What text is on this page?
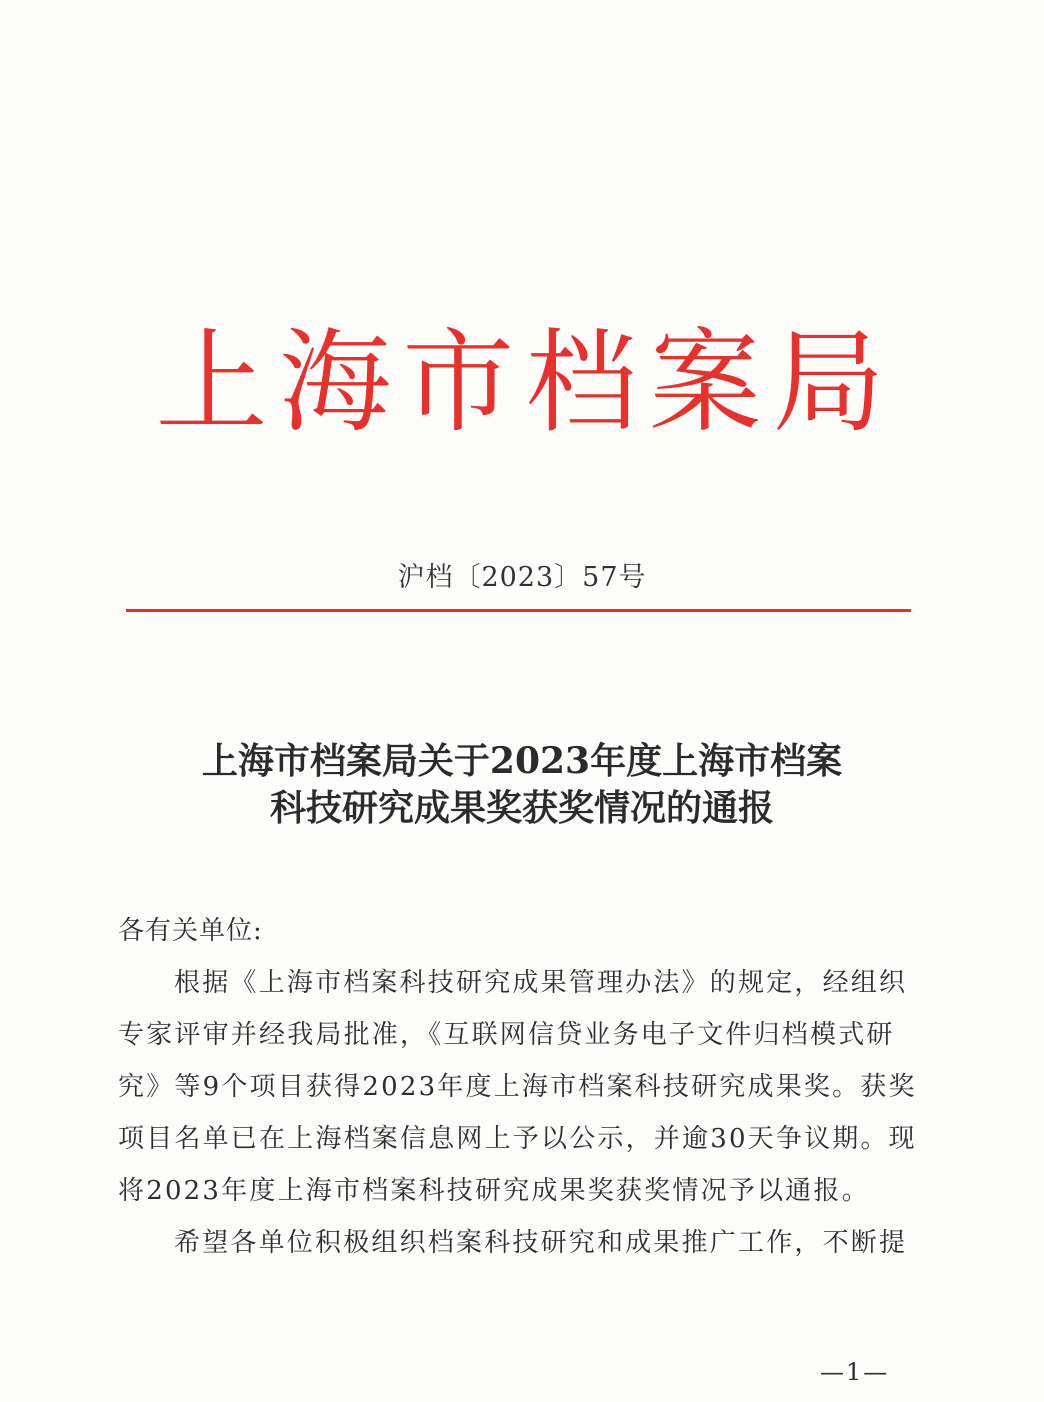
上 海 市 档 案 局
沪档〔2023〕57号
上海市档案局关于2023年度上海市档案
科技研究成果奖获奖情况的通报
各有关单位:
根据《上海市档案科技研究成果管理办法》的规定，经组织
专家评审并经我局批准，《互联网信贷业务电子文件归档模式研
究》等9个项目获得2023年度上海市档案科技研究成果奖。获奖
项目名单已在上海档案信息网上予以公示，并逾30天争议期。现
将2023年度上海市档案科技研究成果奖获奖情况予以通报。
希望各单位积极组织档案科技研究和成果推广工作，不断提
—1—
